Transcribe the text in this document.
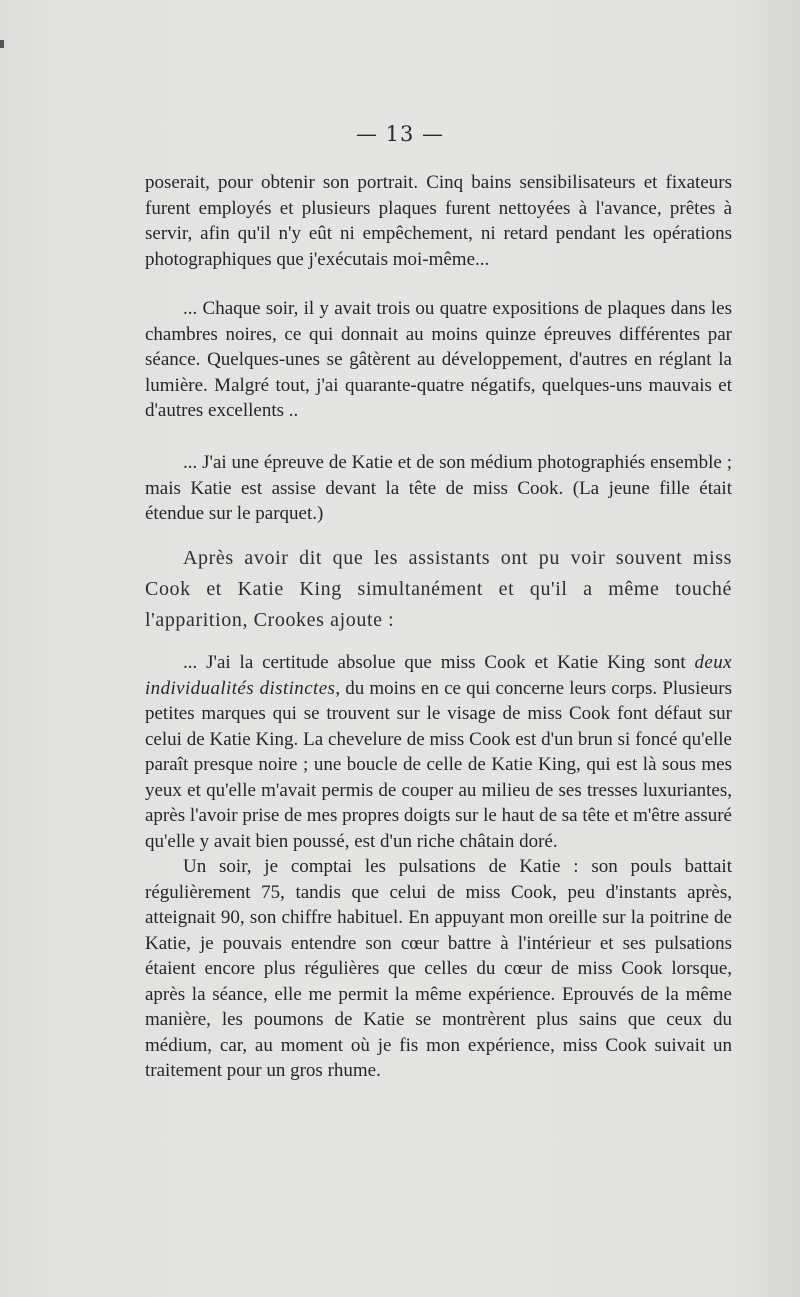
— 13 —

poserait, pour obtenir son portrait. Cinq bains sensibilisateurs et fixateurs furent employés et plusieurs plaques furent nettoyées à l'avance, prêtes à servir, afin qu'il n'y eût ni empêchement, ni retard pendant les opérations photographiques que j'exécutais moi-même...

... Chaque soir, il y avait trois ou quatre expositions de plaques dans les chambres noires, ce qui donnait au moins quinze épreuves différentes par séance. Quelques-unes se gâtèrent au développement, d'autres en réglant la lumière. Malgré tout, j'ai quarante-quatre négatifs, quelques-uns mauvais et d'autres excellents ..

... J'ai une épreuve de Katie et de son médium photographiés ensemble ; mais Katie est assise devant la tête de miss Cook. (La jeune fille était étendue sur le parquet.)

Après avoir dit que les assistants ont pu voir souvent miss Cook et Katie King simultanément et qu'il a même touché l'apparition, Crookes ajoute :

... J'ai la certitude absolue que miss Cook et Katie King sont deux individualités distinctes, du moins en ce qui concerne leurs corps. Plusieurs petites marques qui se trouvent sur le visage de miss Cook font défaut sur celui de Katie King. La chevelure de miss Cook est d'un brun si foncé qu'elle paraît presque noire ; une boucle de celle de Katie King, qui est là sous mes yeux et qu'elle m'avait permis de couper au milieu de ses tresses luxuriantes, après l'avoir prise de mes propres doigts sur le haut de sa tête et m'être assuré qu'elle y avait bien poussé, est d'un riche châtain doré.

Un soir, je comptai les pulsations de Katie : son pouls battait régulièrement 75, tandis que celui de miss Cook, peu d'instants après, atteignait 90, son chiffre habituel. En appuyant mon oreille sur la poitrine de Katie, je pouvais entendre son cœur battre à l'intérieur et ses pulsations étaient encore plus régulières que celles du cœur de miss Cook lorsque, après la séance, elle me permit la même expérience. Eprouvés de la même manière, les poumons de Katie se montrèrent plus sains que ceux du médium, car, au moment où je fis mon expérience, miss Cook suivait un traitement pour un gros rhume.
